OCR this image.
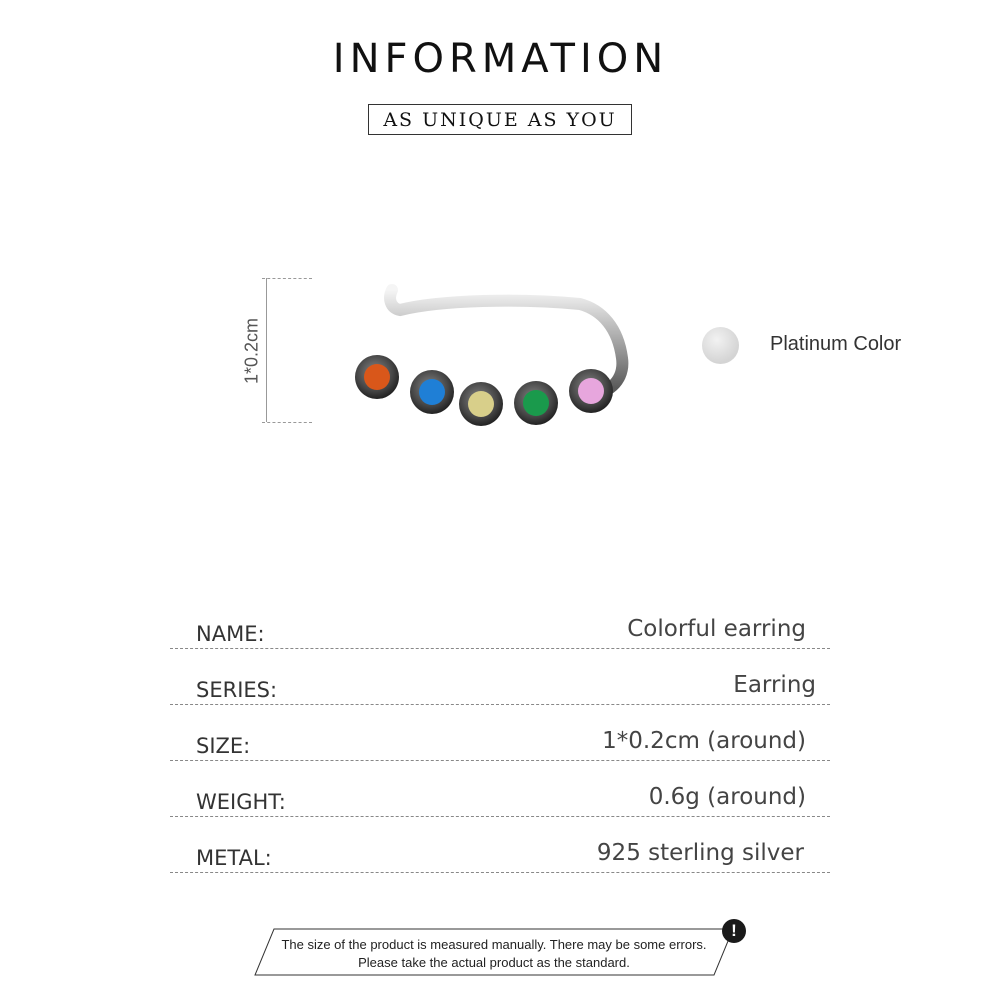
INFORMATION
AS UNIQUE AS YOU
1*0.2cm	Platinum Color
NAME:	Colorful earring
SERIES:	Earring
SIZE:	1*0.2cm (around)
WEIGHT:	0.6g (around)
METAL:	925 sterling silver
The size of the product is measured manually. There may be some errors.
Please take the actual product as the standard.
!
